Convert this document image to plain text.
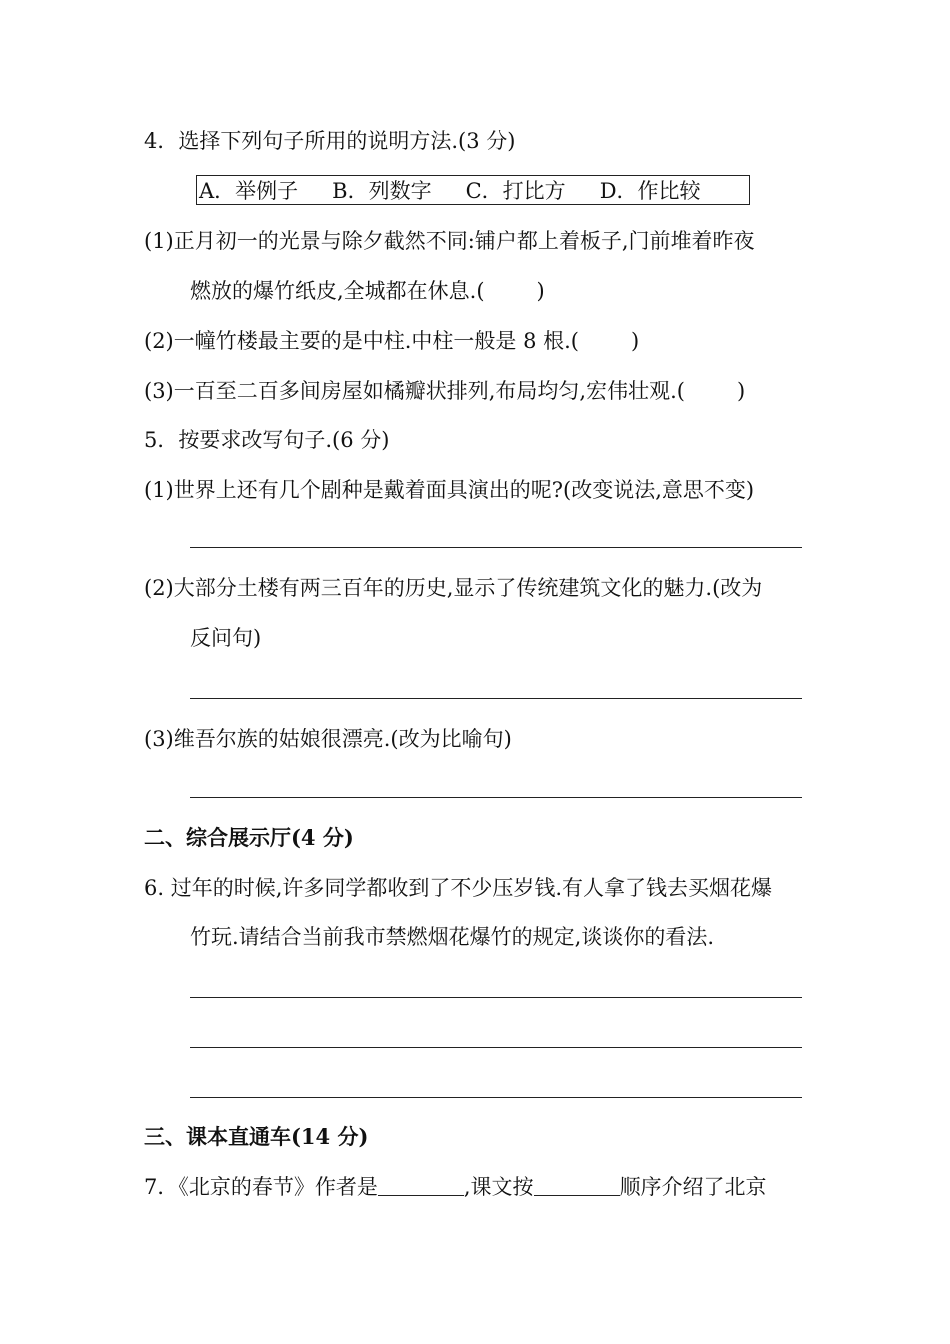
4．选择下列句子所用的说明方法.(3 分)
A．举例子 B．列数字 C．打比方 D．作比较
(1)正月初一的光景与除夕截然不同:铺户都上着板子,门前堆着昨夜
燃放的爆竹纸皮,全城都在休息.( )
(2)一幢竹楼最主要的是中柱.中柱一般是 8 根.( )
(3)一百至二百多间房屋如橘瓣状排列,布局均匀,宏伟壮观.( )
5．按要求改写句子.(6 分)
(1)世界上还有几个剧种是戴着面具演出的呢?(改变说法,意思不变)
(2)大部分土楼有两三百年的历史,显示了传统建筑文化的魅力.(改为
反问句)
(3)维吾尔族的姑娘很漂亮.(改为比喻句)
二、综合展示厅(4 分)
6. 过年的时候,许多同学都收到了不少压岁钱.有人拿了钱去买烟花爆
竹玩.请结合当前我市禁燃烟花爆竹的规定,谈谈你的看法.
三、课本直通车(14 分)
7．《北京的春节》作者是	,课文按	顺序介绍了北京
